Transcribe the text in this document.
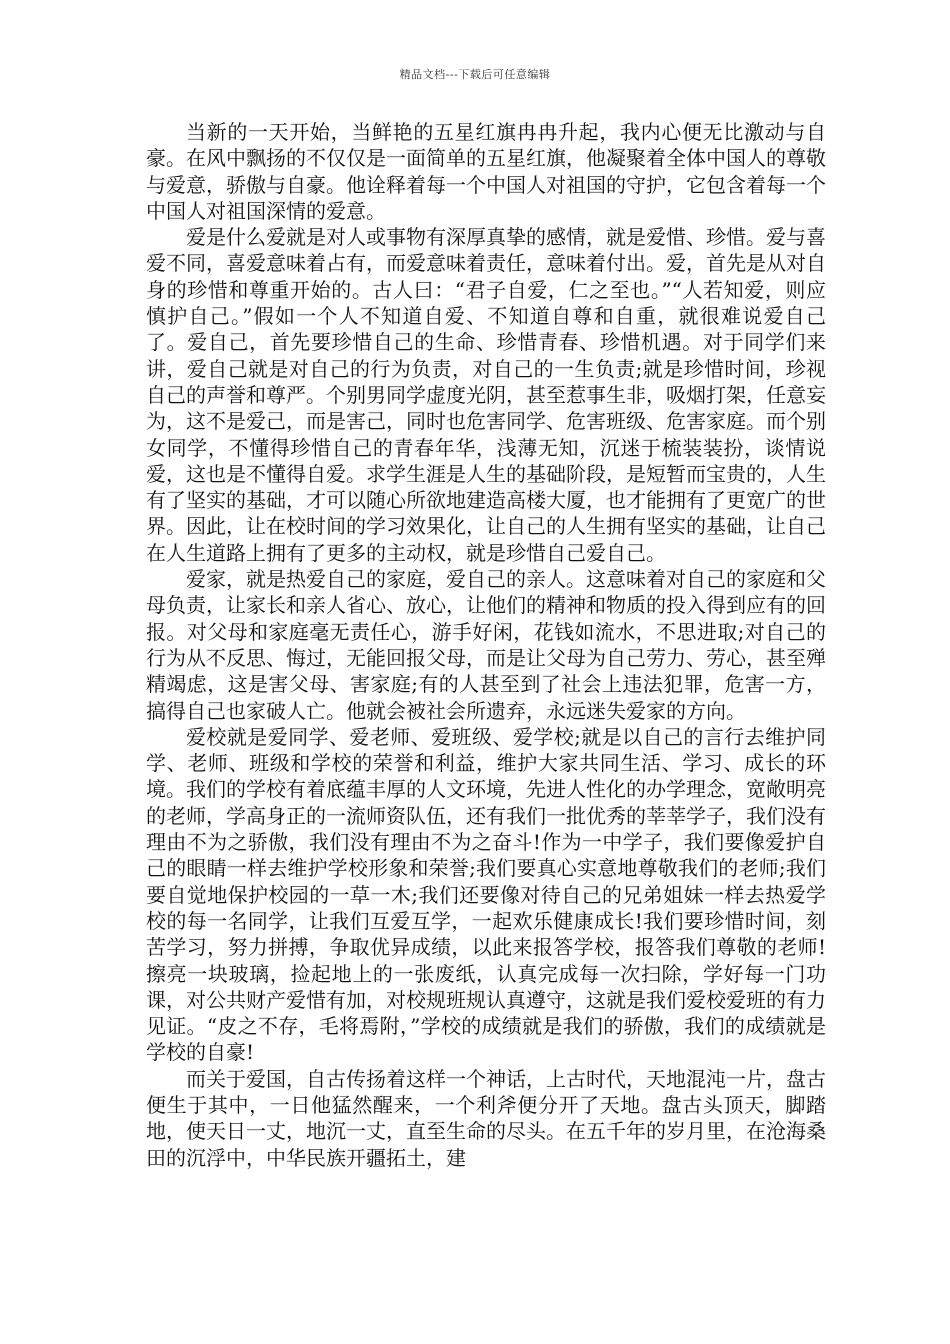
精品文档---下载后可任意编辑

当新的一天开始，当鲜艳的五星红旗冉冉升起，我内心便无比激动与自豪。在风中飘扬的不仅仅是一面简单的五星红旗，他凝聚着全体中国人的尊敬与爱意，骄傲与自豪。他诠释着每一个中国人对祖国的守护，它包含着每一个中国人对祖国深情的爱意。

爱是什么爱就是对人或事物有深厚真挚的感情，就是爱惜、珍惜。爱与喜爱不同，喜爱意味着占有，而爱意味着责任，意味着付出。爱，首先是从对自身的珍惜和尊重开始的。古人曰：“君子自爱，仁之至也。”“人若知爱，则应慎护自己。”假如一个人不知道自爱、不知道自尊和自重，就很难说爱自己了。爱自己，首先要珍惜自己的生命、珍惜青春、珍惜机遇。对于同学们来讲，爱自己就是对自己的行为负责，对自己的一生负责;就是珍惜时间，珍视自己的声誉和尊严。个别男同学虚度光阴，甚至惹事生非，吸烟打架，任意妄为，这不是爱己，而是害己，同时也危害同学、危害班级、危害家庭。而个别女同学，不懂得珍惜自己的青春年华，浅薄无知，沉迷于梳装装扮，谈情说爱，这也是不懂得自爱。求学生涯是人生的基础阶段，是短暂而宝贵的，人生有了坚实的基础，才可以随心所欲地建造高楼大厦，也才能拥有了更宽广的世界。因此，让在校时间的学习效果化，让自己的人生拥有坚实的基础，让自己在人生道路上拥有了更多的主动权，就是珍惜自己爱自己。

爱家，就是热爱自己的家庭，爱自己的亲人。这意味着对自己的家庭和父母负责，让家长和亲人省心、放心，让他们的精神和物质的投入得到应有的回报。对父母和家庭毫无责任心，游手好闲，花钱如流水，不思进取;对自己的行为从不反思、悔过，无能回报父母，而是让父母为自己劳力、劳心，甚至殚精竭虑，这是害父母、害家庭;有的人甚至到了社会上违法犯罪，危害一方，搞得自己也家破人亡。他就会被社会所遗弃，永远迷失爱家的方向。

爱校就是爱同学、爱老师、爱班级、爱学校;就是以自己的言行去维护同学、老师、班级和学校的荣誉和利益，维护大家共同生活、学习、成长的环境。我们的学校有着底蕴丰厚的人文环境，先进人性化的办学理念，宽敞明亮的老师，学高身正的一流师资队伍，还有我们一批优秀的莘莘学子，我们没有理由不为之骄傲，我们没有理由不为之奋斗!作为一中学子，我们要像爱护自己的眼睛一样去维护学校形象和荣誉;我们要真心实意地尊敬我们的老师;我们要自觉地保护校园的一草一木;我们还要像对待自己的兄弟姐妹一样去热爱学校的每一名同学，让我们互爱互学，一起欢乐健康成长!我们要珍惜时间，刻苦学习，努力拼搏，争取优异成绩，以此来报答学校，报答我们尊敬的老师!擦亮一块玻璃，捡起地上的一张废纸，认真完成每一次扫除，学好每一门功课，对公共财产爱惜有加，对校规班规认真遵守，这就是我们爱校爱班的有力见证。“皮之不存，毛将焉附，”学校的成绩就是我们的骄傲，我们的成绩就是学校的自豪!

而关于爱国，自古传扬着这样一个神话，上古时代，天地混沌一片，盘古便生于其中，一日他猛然醒来，一个利斧便分开了天地。盘古头顶天，脚踏地，使天日一丈，地沉一丈，直至生命的尽头。在五千年的岁月里，在沧海桑田的沉浮中，中华民族开疆拓土，建
